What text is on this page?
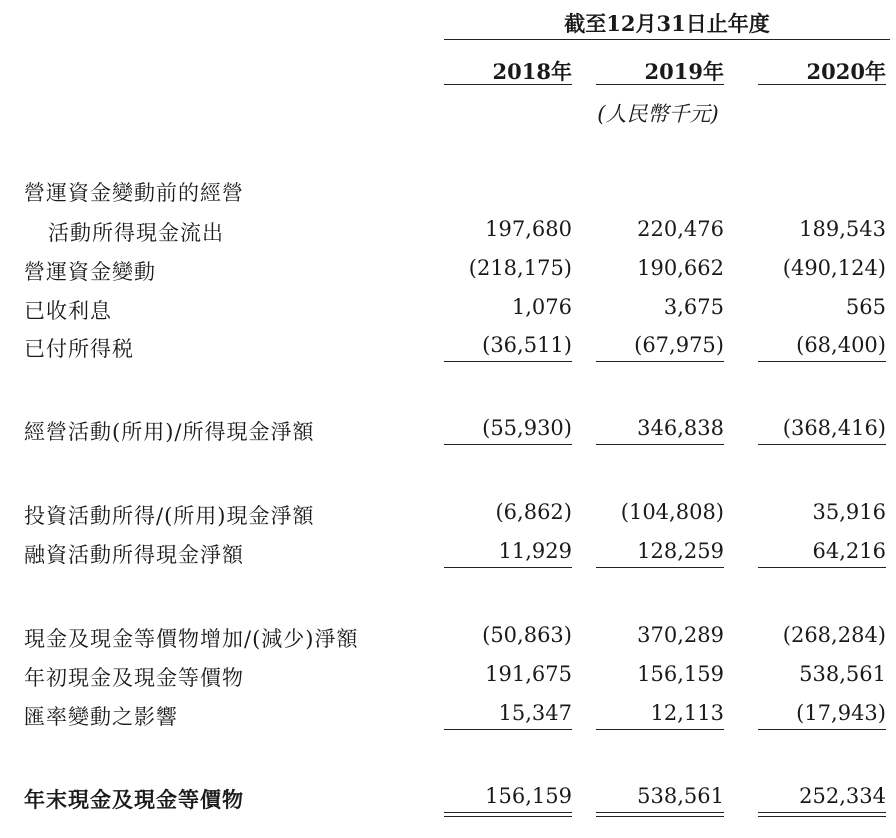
截至12月31日止年度
2018年	2019年	2020年
(人民幣千元)
營運資金變動前的經營
活動所得現金流出	197,680	220,476	189,543
營運資金變動	(218,175)	190,662	(490,124)
已收利息	1,076	3,675	565
已付所得税	(36,511)	(67,975)	(68,400)
經營活動(所用)/所得現金淨額	(55,930)	346,838	(368,416)
投資活動所得/(所用)現金淨額	(6,862)	(104,808)	35,916
融資活動所得現金淨額	11,929	128,259	64,216
現金及現金等價物增加/(減少)淨額	(50,863)	370,289	(268,284)
年初現金及現金等價物	191,675	156,159	538,561
匯率變動之影響	15,347	12,113	(17,943)
年末現金及現金等價物	156,159	538,561	252,334
